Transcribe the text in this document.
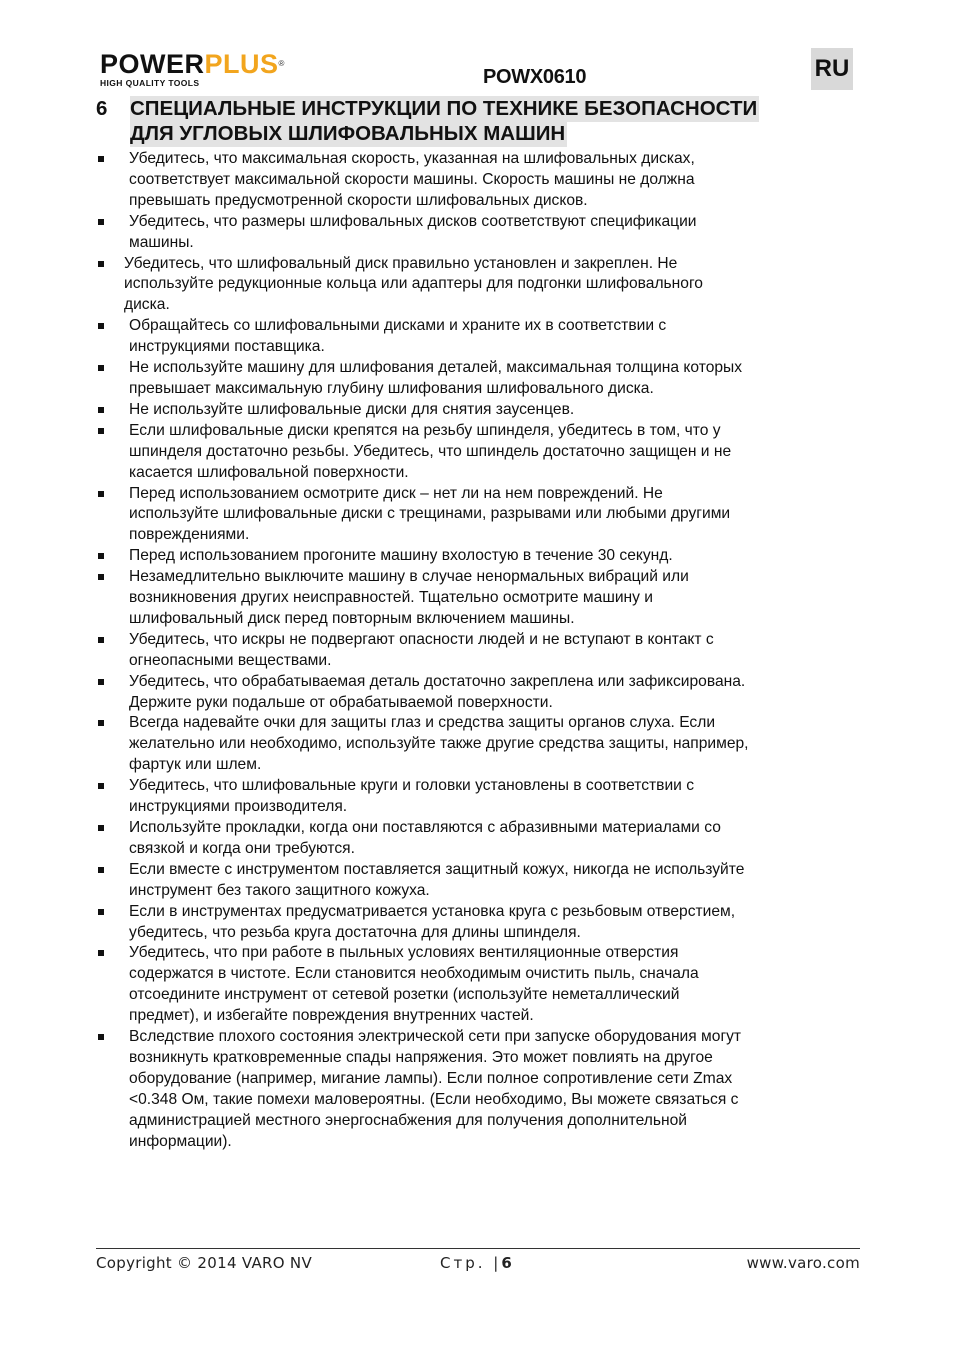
POWERPLUS®
HIGH QUALITY TOOLS	POWX0610	RU
6 СПЕЦИАЛЬНЫЕ ИНСТРУКЦИИ ПО ТЕХНИКЕ БЕЗОПАСНОСТИ
ДЛЯ УГЛОВЫХ ШЛИФОВАЛЬНЫХ МАШИН
Убедитесь, что максимальная скорость, указанная на шлифовальных дисках,
соответствует максимальной скорости машины. Скорость машины не должна
превышать предусмотренной скорости шлифовальных дисков.
Убедитесь, что размеры шлифовальных дисков соответствуют спецификации
машины.
Убедитесь, что шлифовальный диск правильно установлен и закреплен. Не
используйте редукционные кольца или адаптеры для подгонки шлифовального
диска.
Обращайтесь со шлифовальными дисками и храните их в соответствии с
инструкциями поставщика.
Не используйте машину для шлифования деталей, максимальная толщина которых
превышает максимальную глубину шлифования шлифовального диска.
Не используйте шлифовальные диски для снятия заусенцев.
Если шлифовальные диски крепятся на резьбу шпинделя, убедитесь в том, что у
шпинделя достаточно резьбы. Убедитесь, что шпиндель достаточно защищен и не
касается шлифовальной поверхности.
Перед использованием осмотрите диск – нет ли на нем повреждений. Не
используйте шлифовальные диски с трещинами, разрывами или любыми другими
повреждениями.
Перед использованием прогоните машину вхолостую в течение 30 секунд.
Незамедлительно выключите машину в случае ненормальных вибраций или
возникновения других неисправностей. Тщательно осмотрите машину и
шлифовальный диск перед повторным включением машины.
Убедитесь, что искры не подвергают опасности людей и не вступают в контакт с
огнеопасными веществами.
Убедитесь, что обрабатываемая деталь достаточно закреплена или зафиксирована.
Держите руки подальше от обрабатываемой поверхности.
Всегда надевайте очки для защиты глаз и средства защиты органов слуха. Если
желательно или необходимо, используйте также другие средства защиты, например,
фартук или шлем.
Убедитесь, что шлифовальные круги и головки установлены в соответствии с
инструкциями производителя.
Используйте прокладки, когда они поставляются с абразивными материалами со
связкой и когда они требуются.
Если вместе с инструментом поставляется защитный кожух, никогда не используйте
инструмент без такого защитного кожуха.
Если в инструментах предусматривается установка круга с резьбовым отверстием,
убедитесь, что резьба круга достаточна для длины шпинделя.
Убедитесь, что при работе в пыльных условиях вентиляционные отверстия
содержатся в чистоте. Если становится необходимым очистить пыль, сначала
отсоедините инструмент от сетевой розетки (используйте неметаллический
предмет), и избегайте повреждения внутренних частей.
Вследствие плохого состояния электрической сети при запуске оборудования могут
возникнуть кратковременные спады напряжения. Это может повлиять на другое
оборудование (например, мигание лампы). Если полное сопротивление сети Zmax
<0.348 Ом, такие помехи маловероятны. (Если необходимо, Вы можете связаться с
администрацией местного энергоснабжения для получения дополнительной
информации).
Copyright © 2014 VARO NV	Стр. |6	www.varo.com
